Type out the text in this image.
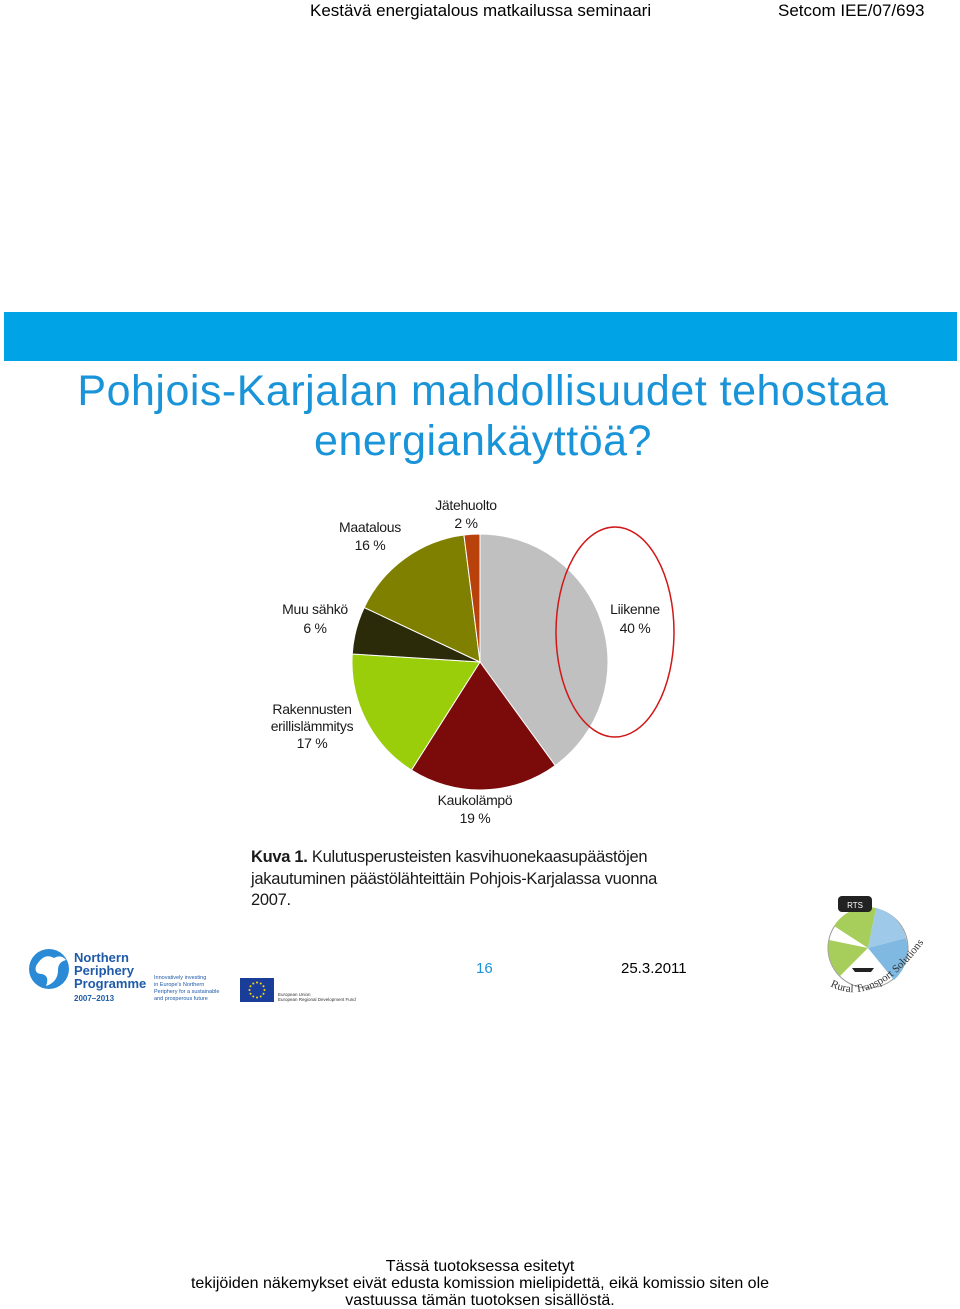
Kestävä energiatalous matkailussa seminaari	Setcom IEE/07/693
Pohjois-Karjalan mahdollisuudet tehostaa
energiankäyttöä?
Jätehuolto
2 %
Maatalous
16 %
Muu sähkö
6 %
Rakennusten
erillislämmitys
17 %
Kaukolämpö
19 %
Liikenne
40 %
Kuva 1. Kulutusperusteisten kasvihuonekaasupäästöjen
jakautuminen päästölähteittäin Pohjois-Karjalassa vuonna
2007.
Northern
Periphery
Programme
2007–2013
Innovatively investing
in Europe's Northern
Periphery for a sustainable
and prosperous future
European Union
European Regional Development Fund
16	25.3.2011
RTS
Rural Transport Solutions
Tässä tuotoksessa esitetyt
tekijöiden näkemykset eivät edusta komission mielipidettä, eikä komissio siten ole
vastuussa tämän tuotoksen sisällöstä.
